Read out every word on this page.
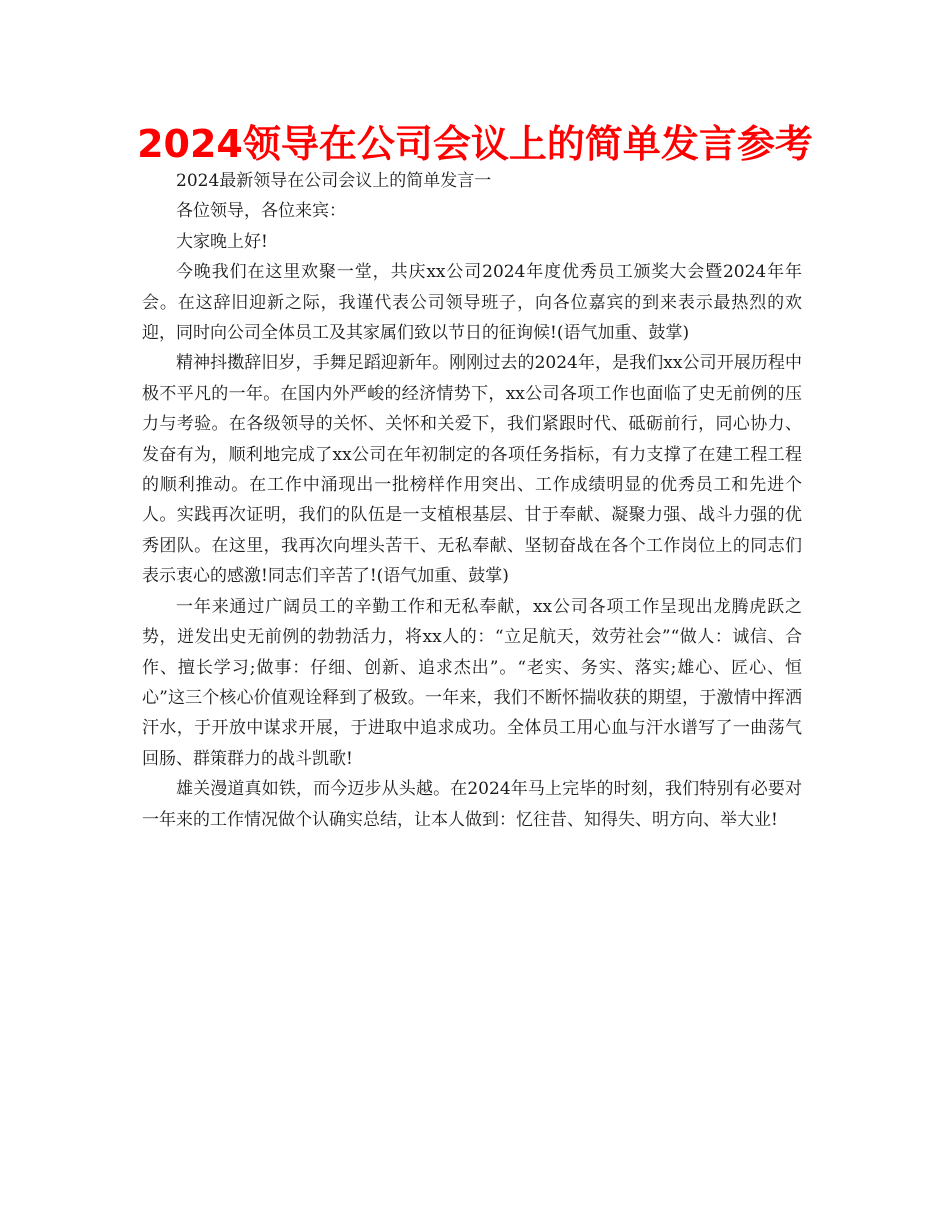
2024领导在公司会议上的简单发言参考

2024最新领导在公司会议上的简单发言一

各位领导，各位来宾：

大家晚上好!

今晚我们在这里欢聚一堂，共庆xx公司2024年度优秀员工颁奖大会暨2024年年会。在这辞旧迎新之际，我谨代表公司领导班子，向各位嘉宾的到来表示最热烈的欢迎，同时向公司全体员工及其家属们致以节日的征询候!(语气加重、鼓掌)

精神抖擞辞旧岁，手舞足蹈迎新年。刚刚过去的2024年，是我们xx公司开展历程中极不平凡的一年。在国内外严峻的经济情势下，xx公司各项工作也面临了史无前例的压力与考验。在各级领导的关怀、关怀和关爱下，我们紧跟时代、砥砺前行，同心协力、发奋有为，顺利地完成了xx公司在年初制定的各项任务指标，有力支撑了在建工程工程的顺利推动。在工作中涌现出一批榜样作用突出、工作成绩明显的优秀员工和先进个人。实践再次证明，我们的队伍是一支植根基层、甘于奉献、凝聚力强、战斗力强的优秀团队。在这里，我再次向埋头苦干、无私奉献、坚韧奋战在各个工作岗位上的同志们表示衷心的感激!同志们辛苦了!(语气加重、鼓掌)

一年来通过广阔员工的辛勤工作和无私奉献，xx公司各项工作呈现出龙腾虎跃之势，迸发出史无前例的勃勃活力，将xx人的：“立足航天，效劳社会”“做人：诚信、合作、擅长学习;做事：仔细、创新、追求杰出”。“老实、务实、落实;雄心、匠心、恒心”这三个核心价值观诠释到了极致。一年来，我们不断怀揣收获的期望，于激情中挥洒汗水，于开放中谋求开展，于进取中追求成功。全体员工用心血与汗水谱写了一曲荡气回肠、群策群力的战斗凯歌!

雄关漫道真如铁，而今迈步从头越。在2024年马上完毕的时刻，我们特别有必要对一年来的工作情况做个认确实总结，让本人做到：忆往昔、知得失、明方向、举大业!
